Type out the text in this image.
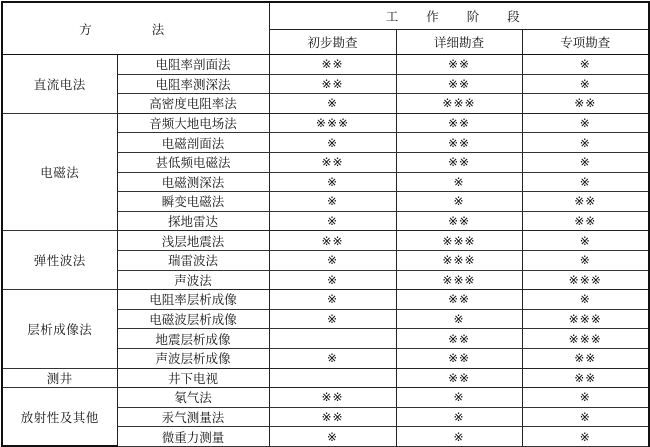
方 法		工 作 阶 段		
		初步勘查	详细勘查	专项勘查
直流电法	电阻率剖面法	※※	※※	※
	电阻率测深法	※※	※※	※
	高密度电阻率法	※	※※※	※※
电磁法	音频大地电场法	※※※	※※	※
	电磁剖面法	※	※※	※
	甚低频电磁法	※※	※※	※
	电磁测深法	※	※	※
	瞬变电磁法	※	※	※※
	探地雷达	※	※※	※※
弹性波法	浅层地震法	※※	※※※	※
	瑞雷波法	※	※※※	※
	声波法	※	※※※	※※※
层析成像法	电阻率层析成像	※	※※	※
	电磁波层析成像	※	※	※※※
	地震层析成像		※※	※※※
	声波层析成像	※	※※	※※
测井	井下电视		※※	※※
放射性及其他	氡气法	※※	※	※
	汞气测量法	※※	※	※
	微重力测量	※	※	※
